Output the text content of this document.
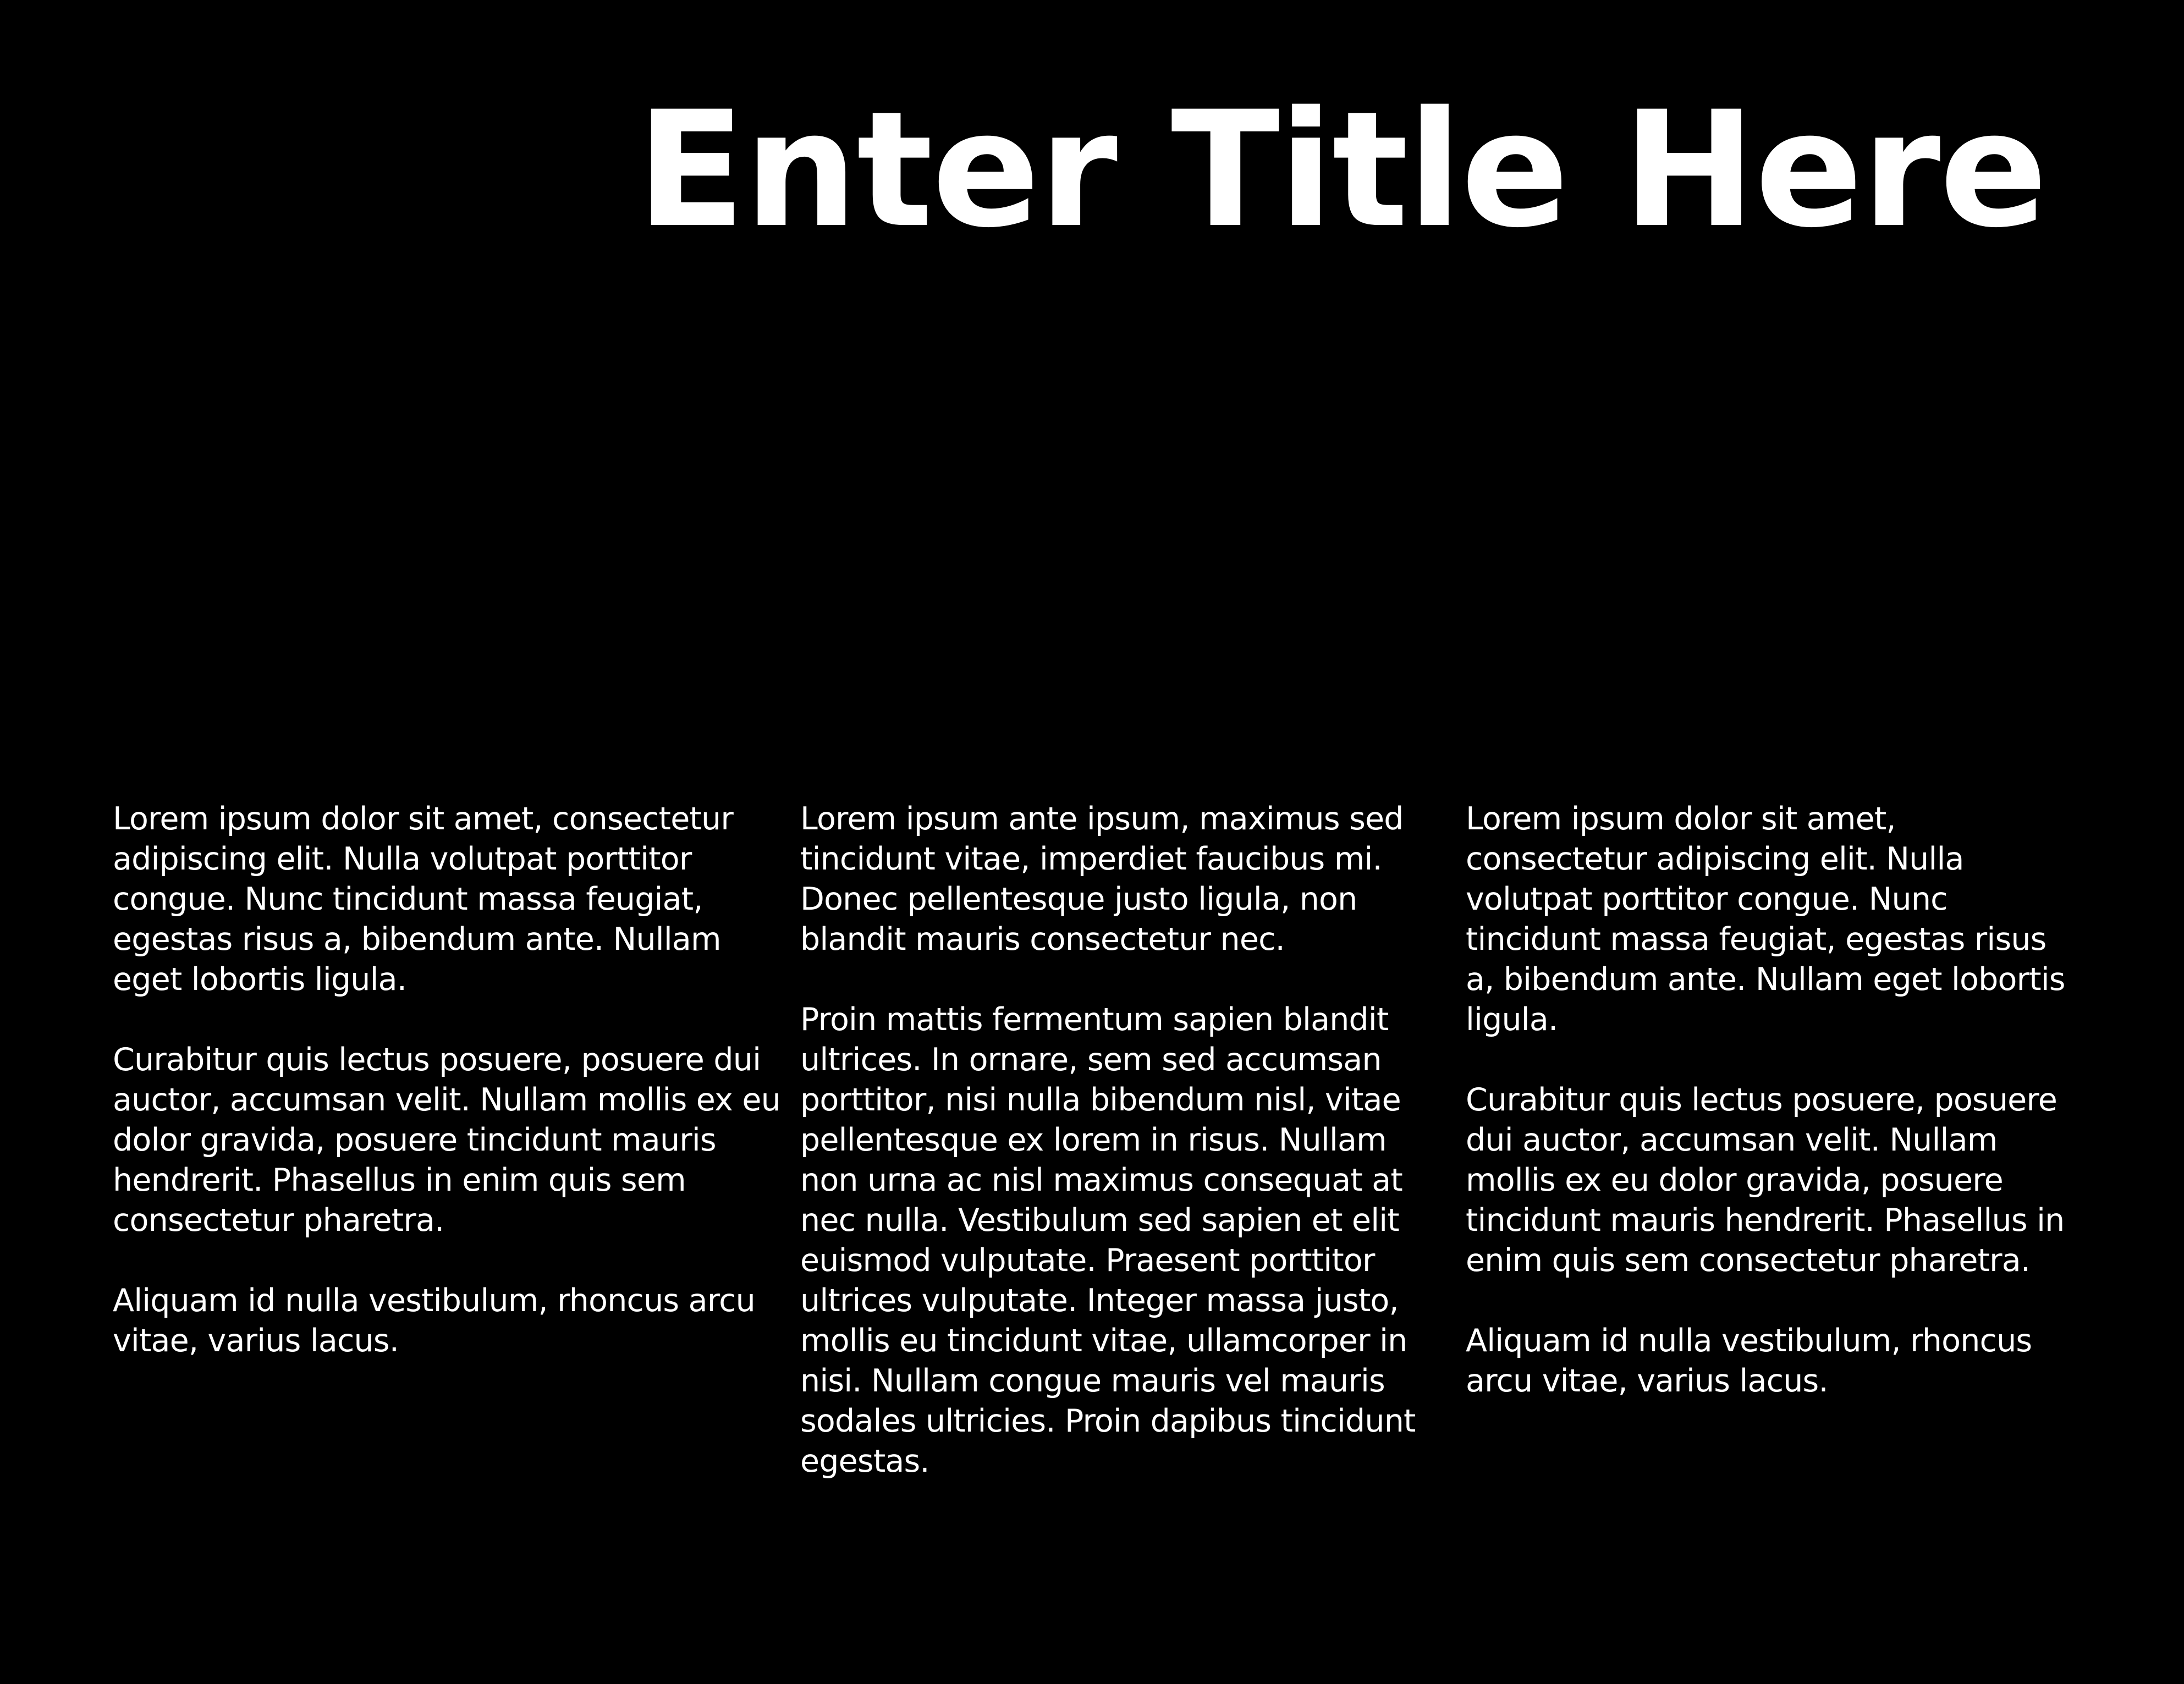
Enter Title Here

Lorem ipsum dolor sit amet, consectetur adipiscing elit. Nulla volutpat porttitor congue. Nunc tincidunt massa feugiat, egestas risus a, bibendum ante. Nullam eget lobortis ligula.

Curabitur quis lectus posuere, posuere dui auctor, accumsan velit. Nullam mollis ex eu dolor gravida, posuere tincidunt mauris hendrerit. Phasellus in enim quis sem consectetur pharetra.

Aliquam id nulla vestibulum, rhoncus arcu vitae, varius lacus.

Lorem ipsum ante ipsum, maximus sed tincidunt vitae, imperdiet faucibus mi. Donec pellentesque justo ligula, non blandit mauris consectetur nec.

Proin mattis fermentum sapien blandit ultrices. In ornare, sem sed accumsan porttitor, nisi nulla bibendum nisl, vitae pellentesque ex lorem in risus. Nullam non urna ac nisl maximus consequat at nec nulla. Vestibulum sed sapien et elit euismod vulputate. Praesent porttitor ultrices vulputate. Integer massa justo, mollis eu tincidunt vitae, ullamcorper in nisi. Nullam congue mauris vel mauris sodales ultricies. Proin dapibus tincidunt egestas.

Lorem ipsum dolor sit amet, consectetur adipiscing elit. Nulla volutpat porttitor congue. Nunc tincidunt massa feugiat, egestas risus a, bibendum ante. Nullam eget lobortis ligula.

Curabitur quis lectus posuere, posuere dui auctor, accumsan velit. Nullam mollis ex eu dolor gravida, posuere tincidunt mauris hendrerit. Phasellus in enim quis sem consectetur pharetra.

Aliquam id nulla vestibulum, rhoncus arcu vitae, varius lacus.
